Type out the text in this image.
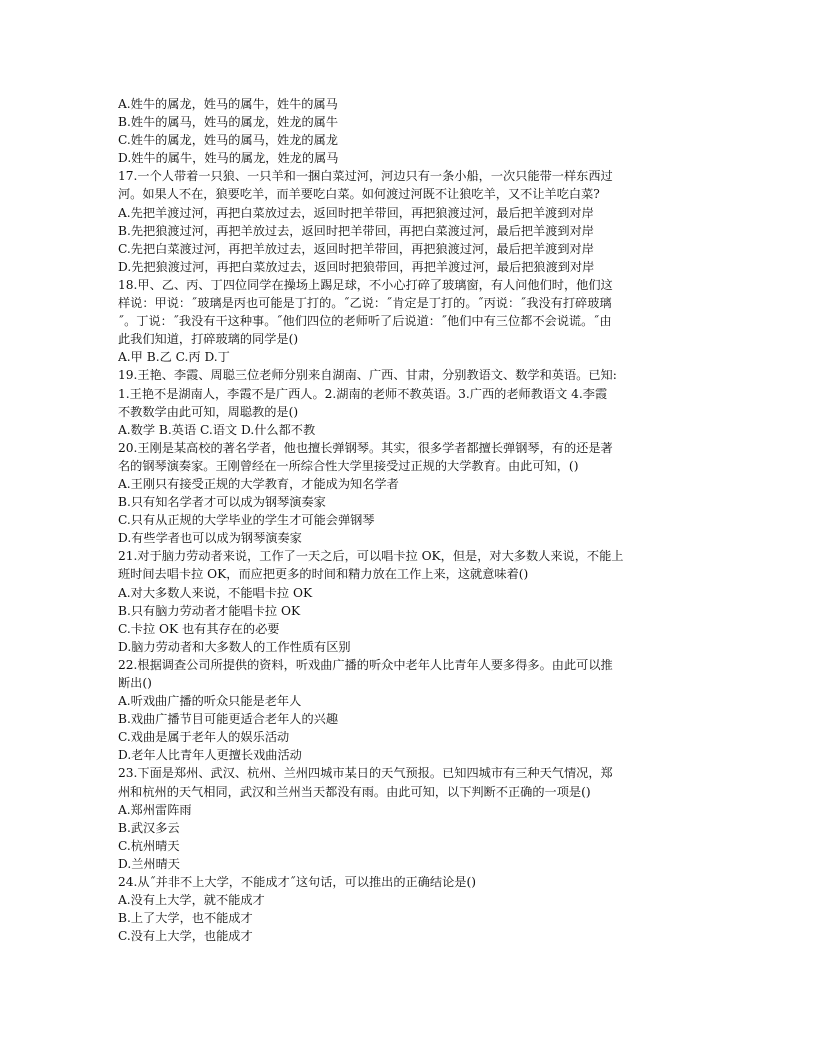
A.姓牛的属龙，姓马的属牛，姓牛的属马
B.姓牛的属马，姓马的属龙，姓龙的属牛
C.姓牛的属龙，姓马的属马，姓龙的属龙
D.姓牛的属牛，姓马的属龙，姓龙的属马
17.一个人带着一只狼、一只羊和一捆白菜过河，河边只有一条小船，一次只能带一样东西过
河。如果人不在，狼要吃羊，而羊要吃白菜。如何渡过河既不让狼吃羊，又不让羊吃白菜?
A.先把羊渡过河，再把白菜放过去，返回时把羊带回，再把狼渡过河，最后把羊渡到对岸
B.先把狼渡过河，再把羊放过去，返回时把羊带回，再把白菜渡过河，最后把羊渡到对岸
C.先把白菜渡过河，再把羊放过去，返回时把羊带回，再把狼渡过河，最后把羊渡到对岸
D.先把狼渡过河，再把白菜放过去，返回时把狼带回，再把羊渡过河，最后把狼渡到对岸
18.甲、乙、丙、丁四位同学在操场上踢足球，不小心打碎了玻璃窗，有人问他们时，他们这
样说：甲说：˝玻璃是丙也可能是丁打的。˝乙说：˝肯定是丁打的。˝丙说：˝我没有打碎玻璃
˝。丁说：˝我没有干这种事。˝他们四位的老师听了后说道：˝他们中有三位都不会说谎。˝由
此我们知道，打碎玻璃的同学是()
A.甲 B.乙 C.丙 D.丁
19.王艳、李霞、周聪三位老师分别来自湖南、广西、甘肃，分别教语文、数学和英语。已知:
1.王艳不是湖南人，李霞不是广西人。2.湖南的老师不教英语。3.广西的老师教语文 4.李霞
不教数学由此可知，周聪教的是()
A.数学 B.英语 C.语文 D.什么都不教
20.王刚是某高校的著名学者，他也擅长弹钢琴。其实，很多学者都擅长弹钢琴，有的还是著
名的钢琴演奏家。王刚曾经在一所综合性大学里接受过正规的大学教育。由此可知，()
A.王刚只有接受正规的大学教育，才能成为知名学者
B.只有知名学者才可以成为钢琴演奏家
C.只有从正规的大学毕业的学生才可能会弹钢琴
D.有些学者也可以成为钢琴演奏家
21.对于脑力劳动者来说，工作了一天之后，可以唱卡拉 OK，但是，对大多数人来说，不能上
班时间去唱卡拉 OK，而应把更多的时间和精力放在工作上来，这就意味着()
A.对大多数人来说，不能唱卡拉 OK
B.只有脑力劳动者才能唱卡拉 OK
C.卡拉 OK 也有其存在的必要
D.脑力劳动者和大多数人的工作性质有区别
22.根据调查公司所提供的资料，听戏曲广播的听众中老年人比青年人要多得多。由此可以推
断出()
A.听戏曲广播的听众只能是老年人
B.戏曲广播节目可能更适合老年人的兴趣
C.戏曲是属于老年人的娱乐活动
D.老年人比青年人更擅长戏曲活动
23.下面是郑州、武汉、杭州、兰州四城市某日的天气预报。已知四城市有三种天气情况，郑
州和杭州的天气相同，武汉和兰州当天都没有雨。由此可知，以下判断不正确的一项是()
A.郑州雷阵雨
B.武汉多云
C.杭州晴天
D.兰州晴天
24.从˝并非不上大学，不能成才˝这句话，可以推出的正确结论是()
A.没有上大学，就不能成才
B.上了大学，也不能成才
C.没有上大学，也能成才
